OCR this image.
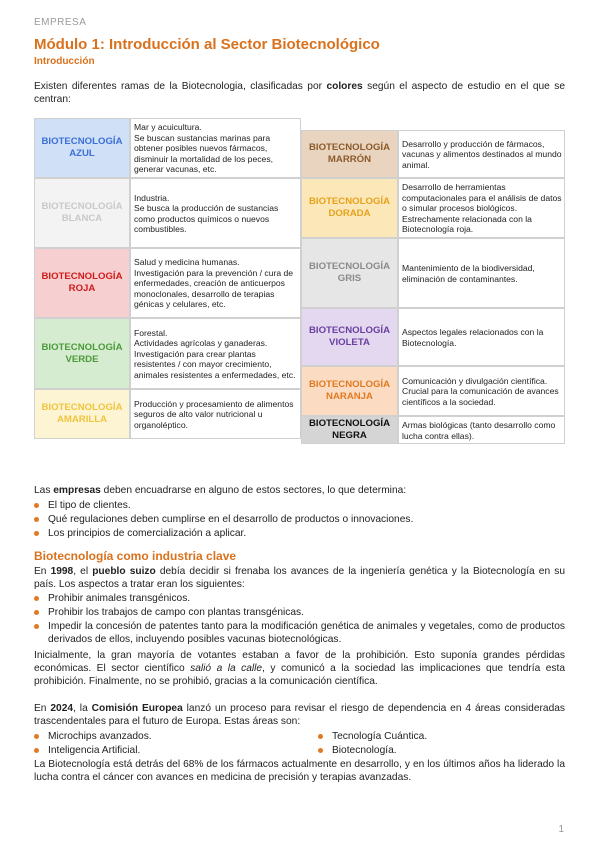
EMPRESA
Módulo 1: Introducción al Sector Biotecnológico
Introducción
Existen diferentes ramas de la Biotecnologia, clasificadas por colores según el aspecto de estudio en el que se centran:
BIOTECNOLOGÍA
AZUL
Mar y acuicultura.
Se buscan sustancias marinas para obtener posibles nuevos fármacos, disminuir la mortalidad de los peces, generar vacunas, etc.
BIOTECNOLOGÍA
BLANCA
Industria.
Se busca la producción de sustancias como productos químicos o nuevos combustibles.
BIOTECNOLOGÍA
ROJA
Salud y medicina humanas.
Investigación para la prevención / cura de enfermedades, creación de anticuerpos monoclonales, desarrollo de terapias génicas y celulares, etc.
BIOTECNOLOGÍA
VERDE
Forestal.
Actividades agrícolas y ganaderas.
Investigación para crear plantas resistentes / con mayor crecimiento, animales resistentes a enfermedades, etc.
BIOTECNOLOGÍA
AMARILLA
Producción y procesamiento de alimentos seguros de alto valor nutricional u organoléptico.
BIOTECNOLOGÍA
MARRÓN
Desarrollo y producción de fármacos, vacunas y alimentos destinados al mundo animal.
BIOTECNOLOGÍA
DORADA
Desarrollo de herramientas computacionales para el análisis de datos o simular procesos biológicos.
Estrechamente relacionada con la Biotecnología roja.
BIOTECNOLOGÍA
GRIS
Mantenimiento de la biodiversidad, eliminación de contaminantes.
BIOTECNOLOGÍA
VIOLETA
Aspectos legales relacionados con la Biotecnología.
BIOTECNOLOGÍA
NARANJA
Comunicación y divulgación científica.
Crucial para la comunicación de avances científicos a la sociedad.
BIOTECNOLOGÍA
NEGRA
Armas biológicas (tanto desarrollo como lucha contra ellas).
Las empresas deben encuadrarse en alguno de estos sectores, lo que determina:
El tipo de clientes.
Qué regulaciones deben cumplirse en el desarrollo de productos o innovaciones.
Los principios de comercialización a aplicar.
Biotecnología como industria clave
En 1998, el pueblo suizo debía decidir si frenaba los avances de la ingeniería genética y la Biotecnología en su país. Los aspectos a tratar eran los siguientes:
Prohibir animales transgénicos.
Prohibir los trabajos de campo con plantas transgénicas.
Impedir la concesión de patentes tanto para la modificación genética de animales y vegetales, como de productos derivados de ellos, incluyendo posibles vacunas biotecnológicas.
Inicialmente, la gran mayoría de votantes estaban a favor de la prohibición. Esto suponía grandes pérdidas económicas. El sector científico salió a la calle, y comunicó a la sociedad las implicaciones que tendría esta prohibición. Finalmente, no se prohibió, gracias a la comunicación científica.
En 2024, la Comisión Europea lanzó un proceso para revisar el riesgo de dependencia en 4 áreas consideradas trascendentales para el futuro de Europa. Estas áreas son:
Microchips avanzados.	Tecnología Cuántica.
Inteligencia Artificial.	Biotecnología.
La Biotecnología está detrás del 68% de los fármacos actualmente en desarrollo, y en los últimos años ha liderado la lucha contra el cáncer con avances en medicina de precisión y terapias avanzadas.
1
